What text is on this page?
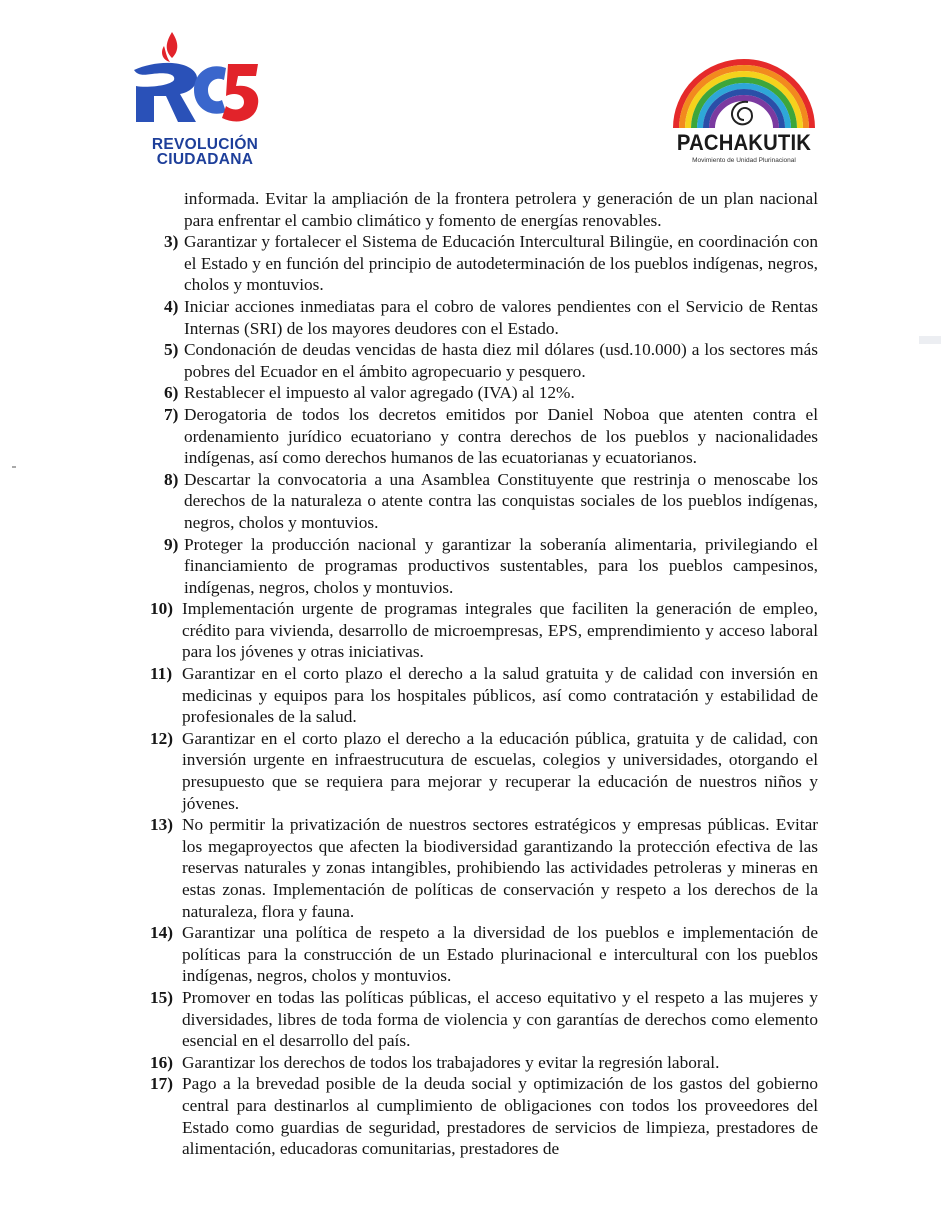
REVOLUCIÓN
CIUDADANA
PACHAKUTIK
Movimiento de Unidad Plurinacional
informada. Evitar la ampliación de la frontera petrolera y generación de un plan nacional para enfrentar el cambio climático y fomento de energías renovables.
3) Garantizar y fortalecer el Sistema de Educación Intercultural Bilingüe, en coordinación con el Estado y en función del principio de autodeterminación de los pueblos indígenas, negros, cholos y montuvios.
4) Iniciar acciones inmediatas para el cobro de valores pendientes con el Servicio de Rentas Internas (SRI) de los mayores deudores con el Estado.
5) Condonación de deudas vencidas de hasta diez mil dólares (usd.10.000) a los sectores más pobres del Ecuador en el ámbito agropecuario y pesquero.
6) Restablecer el impuesto al valor agregado (IVA) al 12%.
7) Derogatoria de todos los decretos emitidos por Daniel Noboa que atenten contra el ordenamiento jurídico ecuatoriano y contra derechos de los pueblos y nacionalidades indígenas, así como derechos humanos de las ecuatorianas y ecuatorianos.
8) Descartar la convocatoria a una Asamblea Constituyente que restrinja o menoscabe los derechos de la naturaleza o atente contra las conquistas sociales de los pueblos indígenas, negros, cholos y montuvios.
9) Proteger la producción nacional y garantizar la soberanía alimentaria, privilegiando el financiamiento de programas productivos sustentables, para los pueblos campesinos, indígenas, negros, cholos y montuvios.
10) Implementación urgente de programas integrales que faciliten la generación de empleo, crédito para vivienda, desarrollo de microempresas, EPS, emprendimiento y acceso laboral para los jóvenes y otras iniciativas.
11) Garantizar en el corto plazo el derecho a la salud gratuita y de calidad con inversión en medicinas y equipos para los hospitales públicos, así como contratación y estabilidad de profesionales de la salud.
12) Garantizar en el corto plazo el derecho a la educación pública, gratuita y de calidad, con inversión urgente en infraestrucutura de escuelas, colegios y universidades, otorgando el presupuesto que se requiera para mejorar y recuperar la educación de nuestros niños y jóvenes.
13) No permitir la privatización de nuestros sectores estratégicos y empresas públicas. Evitar los megaproyectos que afecten la biodiversidad garantizando la protección efectiva de las reservas naturales y zonas intangibles, prohibiendo las actividades petroleras y mineras en estas zonas. Implementación de políticas de conservación y respeto a los derechos de la naturaleza, flora y fauna.
14) Garantizar una política de respeto a la diversidad de los pueblos e implementación de políticas para la construcción de un Estado plurinacional e intercultural con los pueblos indígenas, negros, cholos y montuvios.
15) Promover en todas las políticas públicas, el acceso equitativo y el respeto a las mujeres y diversidades, libres de toda forma de violencia y con garantías de derechos como elemento esencial en el desarrollo del país.
16) Garantizar los derechos de todos los trabajadores y evitar la regresión laboral.
17) Pago a la brevedad posible de la deuda social y optimización de los gastos del gobierno central para destinarlos al cumplimiento de obligaciones con todos los proveedores del Estado como guardias de seguridad, prestadores de servicios de limpieza, prestadores de alimentación, educadoras comunitarias, prestadores de
